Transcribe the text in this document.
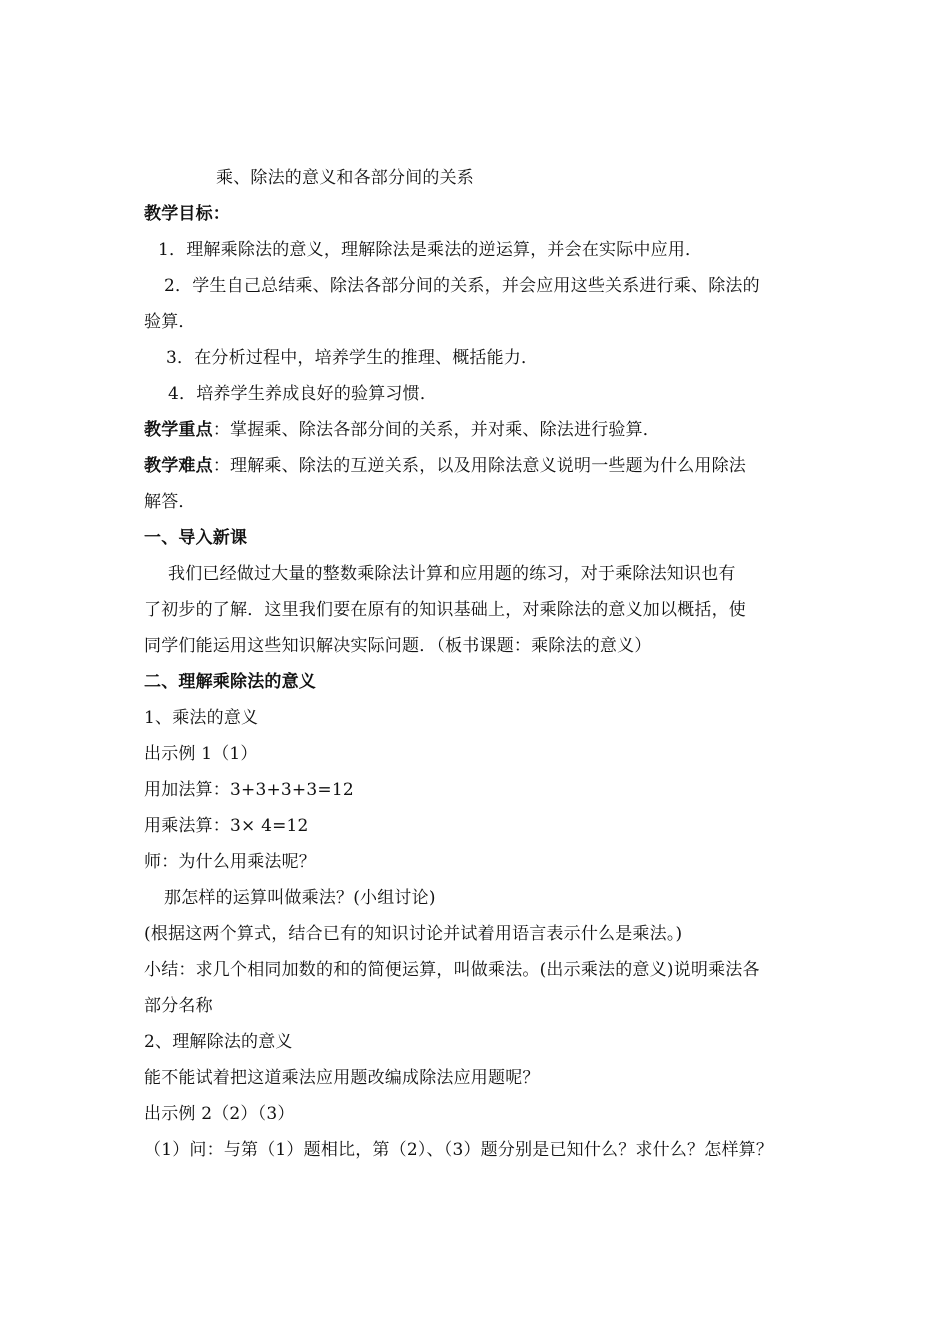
乘、除法的意义和各部分间的关系
教学目标：
1．理解乘除法的意义，理解除法是乘法的逆运算，并会在实际中应用．
2．学生自己总结乘、除法各部分间的关系，并会应用这些关系进行乘、除法的
验算．
3．在分析过程中，培养学生的推理、概括能力．
4．培养学生养成良好的验算习惯．
教学重点：掌握乘、除法各部分间的关系，并对乘、除法进行验算．
教学难点：理解乘、除法的互逆关系，以及用除法意义说明一些题为什么用除法
解答．
一、导入新课
我们已经做过大量的整数乘除法计算和应用题的练习，对于乘除法知识也有
了初步的了解．这里我们要在原有的知识基础上，对乘除法的意义加以概括，使
同学们能运用这些知识解决实际问题．（板书课题：乘除法的意义）
二、理解乘除法的意义
1、乘法的意义
出示例 1（1）
用加法算：3+3+3+3=12
用乘法算：3× 4=12
师：为什么用乘法呢？
那怎样的运算叫做乘法？(小组讨论)
(根据这两个算式，结合已有的知识讨论并试着用语言表示什么是乘法。)
小结：求几个相同加数的和的简便运算，叫做乘法。(出示乘法的意义)说明乘法各
部分名称
2、理解除法的意义
能不能试着把这道乘法应用题改编成除法应用题呢？
出示例 2（2）（3）
（1）问：与第（1）题相比，第（2）、（3）题分别是已知什么？求什么？怎样算？
